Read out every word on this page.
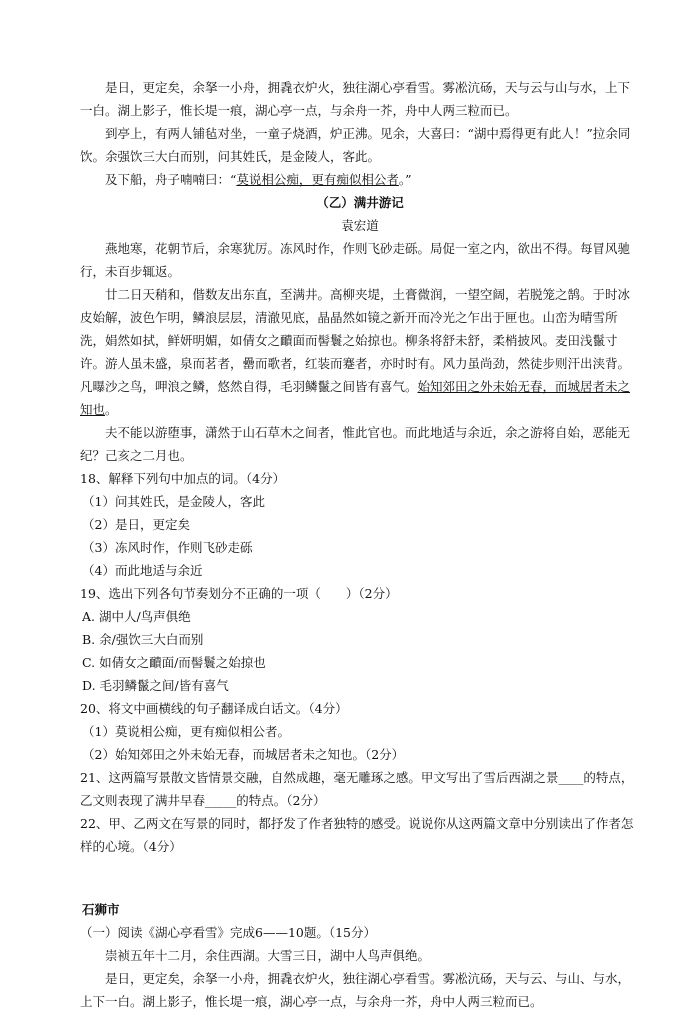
是日，更定矣，余拏一小舟，拥毳衣炉火，独往湖心亭看雪。雾凇沆砀，天与云与山与水，上下一白。湖上影子，惟长堤一痕，湖心亭一点，与余舟一芥，舟中人两三粒而已。

到亭上，有两人铺毡对坐，一童子烧酒，炉正沸。见余，大喜曰：“湖中焉得更有此人！”拉余同饮。余强饮三大白而别，问其姓氏，是金陵人，客此。

及下船，舟子喃喃曰：“莫说相公痴，更有痴似相公者。”

（乙）满井游记

袁宏道

燕地寒，花朝节后，余寒犹厉。冻风时作，作则飞砂走砾。局促一室之内，欲出不得。每冒风驰行，未百步辄返。

廿二日天稍和，偕数友出东直，至满井。高柳夹堤，土膏微润，一望空阔，若脱笼之鹄。于时冰皮始解，波色乍明，鳞浪层层，清澈见底，晶晶然如镜之新开而冷光之乍出于匣也。山峦为晴雪所洗，娟然如拭，鲜妍明媚，如倩女之靧面而髻鬟之始掠也。柳条将舒未舒，柔梢披风。麦田浅鬣寸许。游人虽未盛，泉而茗者，罍而歌者，红装而蹇者，亦时时有。风力虽尚劲，然徒步则汗出浃背。凡曝沙之鸟，呷浪之鳞，悠然自得，毛羽鳞鬣之间皆有喜气。始知郊田之外未始无春，而城居者未之知也。

夫不能以游堕事，潇然于山石草木之间者，惟此官也。而此地适与余近，余之游将自始，恶能无纪？己亥之二月也。

18、解释下列句中加点的词。（4分）

（1）问其姓氏，是金陵人，客此

（2）是日，更定矣

（3）冻风时作，作则飞砂走砾

（4）而此地适与余近

19、选出下列各句节奏划分不正确的一项（　　）（2分）

A. 湖中人/鸟声俱绝

B. 余/强饮三大白而别

C. 如倩女之靧面/而髻鬟之始掠也

D. 毛羽鳞鬣之间/皆有喜气

20、将文中画横线的句子翻译成白话文。（4分）

（1）莫说相公痴，更有痴似相公者。

（2）始知郊田之外未始无春，而城居者未之知也。（2分）

21、这两篇写景散文皆情景交融，自然成趣，毫无雕琢之感。甲文写出了雪后西湖之景____的特点，乙文则表现了满井早春_____的特点。（2分）

22、甲、乙两文在写景的同时，都抒发了作者独特的感受。说说你从这两篇文章中分别读出了作者怎样的心境。（4分）

石狮市

（一）阅读《湖心亭看雪》完成6——10题。（15分）

崇祯五年十二月，余住西湖。大雪三日，湖中人鸟声俱绝。

是日，更定矣，余拏一小舟，拥毳衣炉火，独往湖心亭看雪。雾凇沆砀，天与云、与山、与水，上下一白。湖上影子，惟长堤一痕，湖心亭一点，与余舟一芥，舟中人两三粒而已。
